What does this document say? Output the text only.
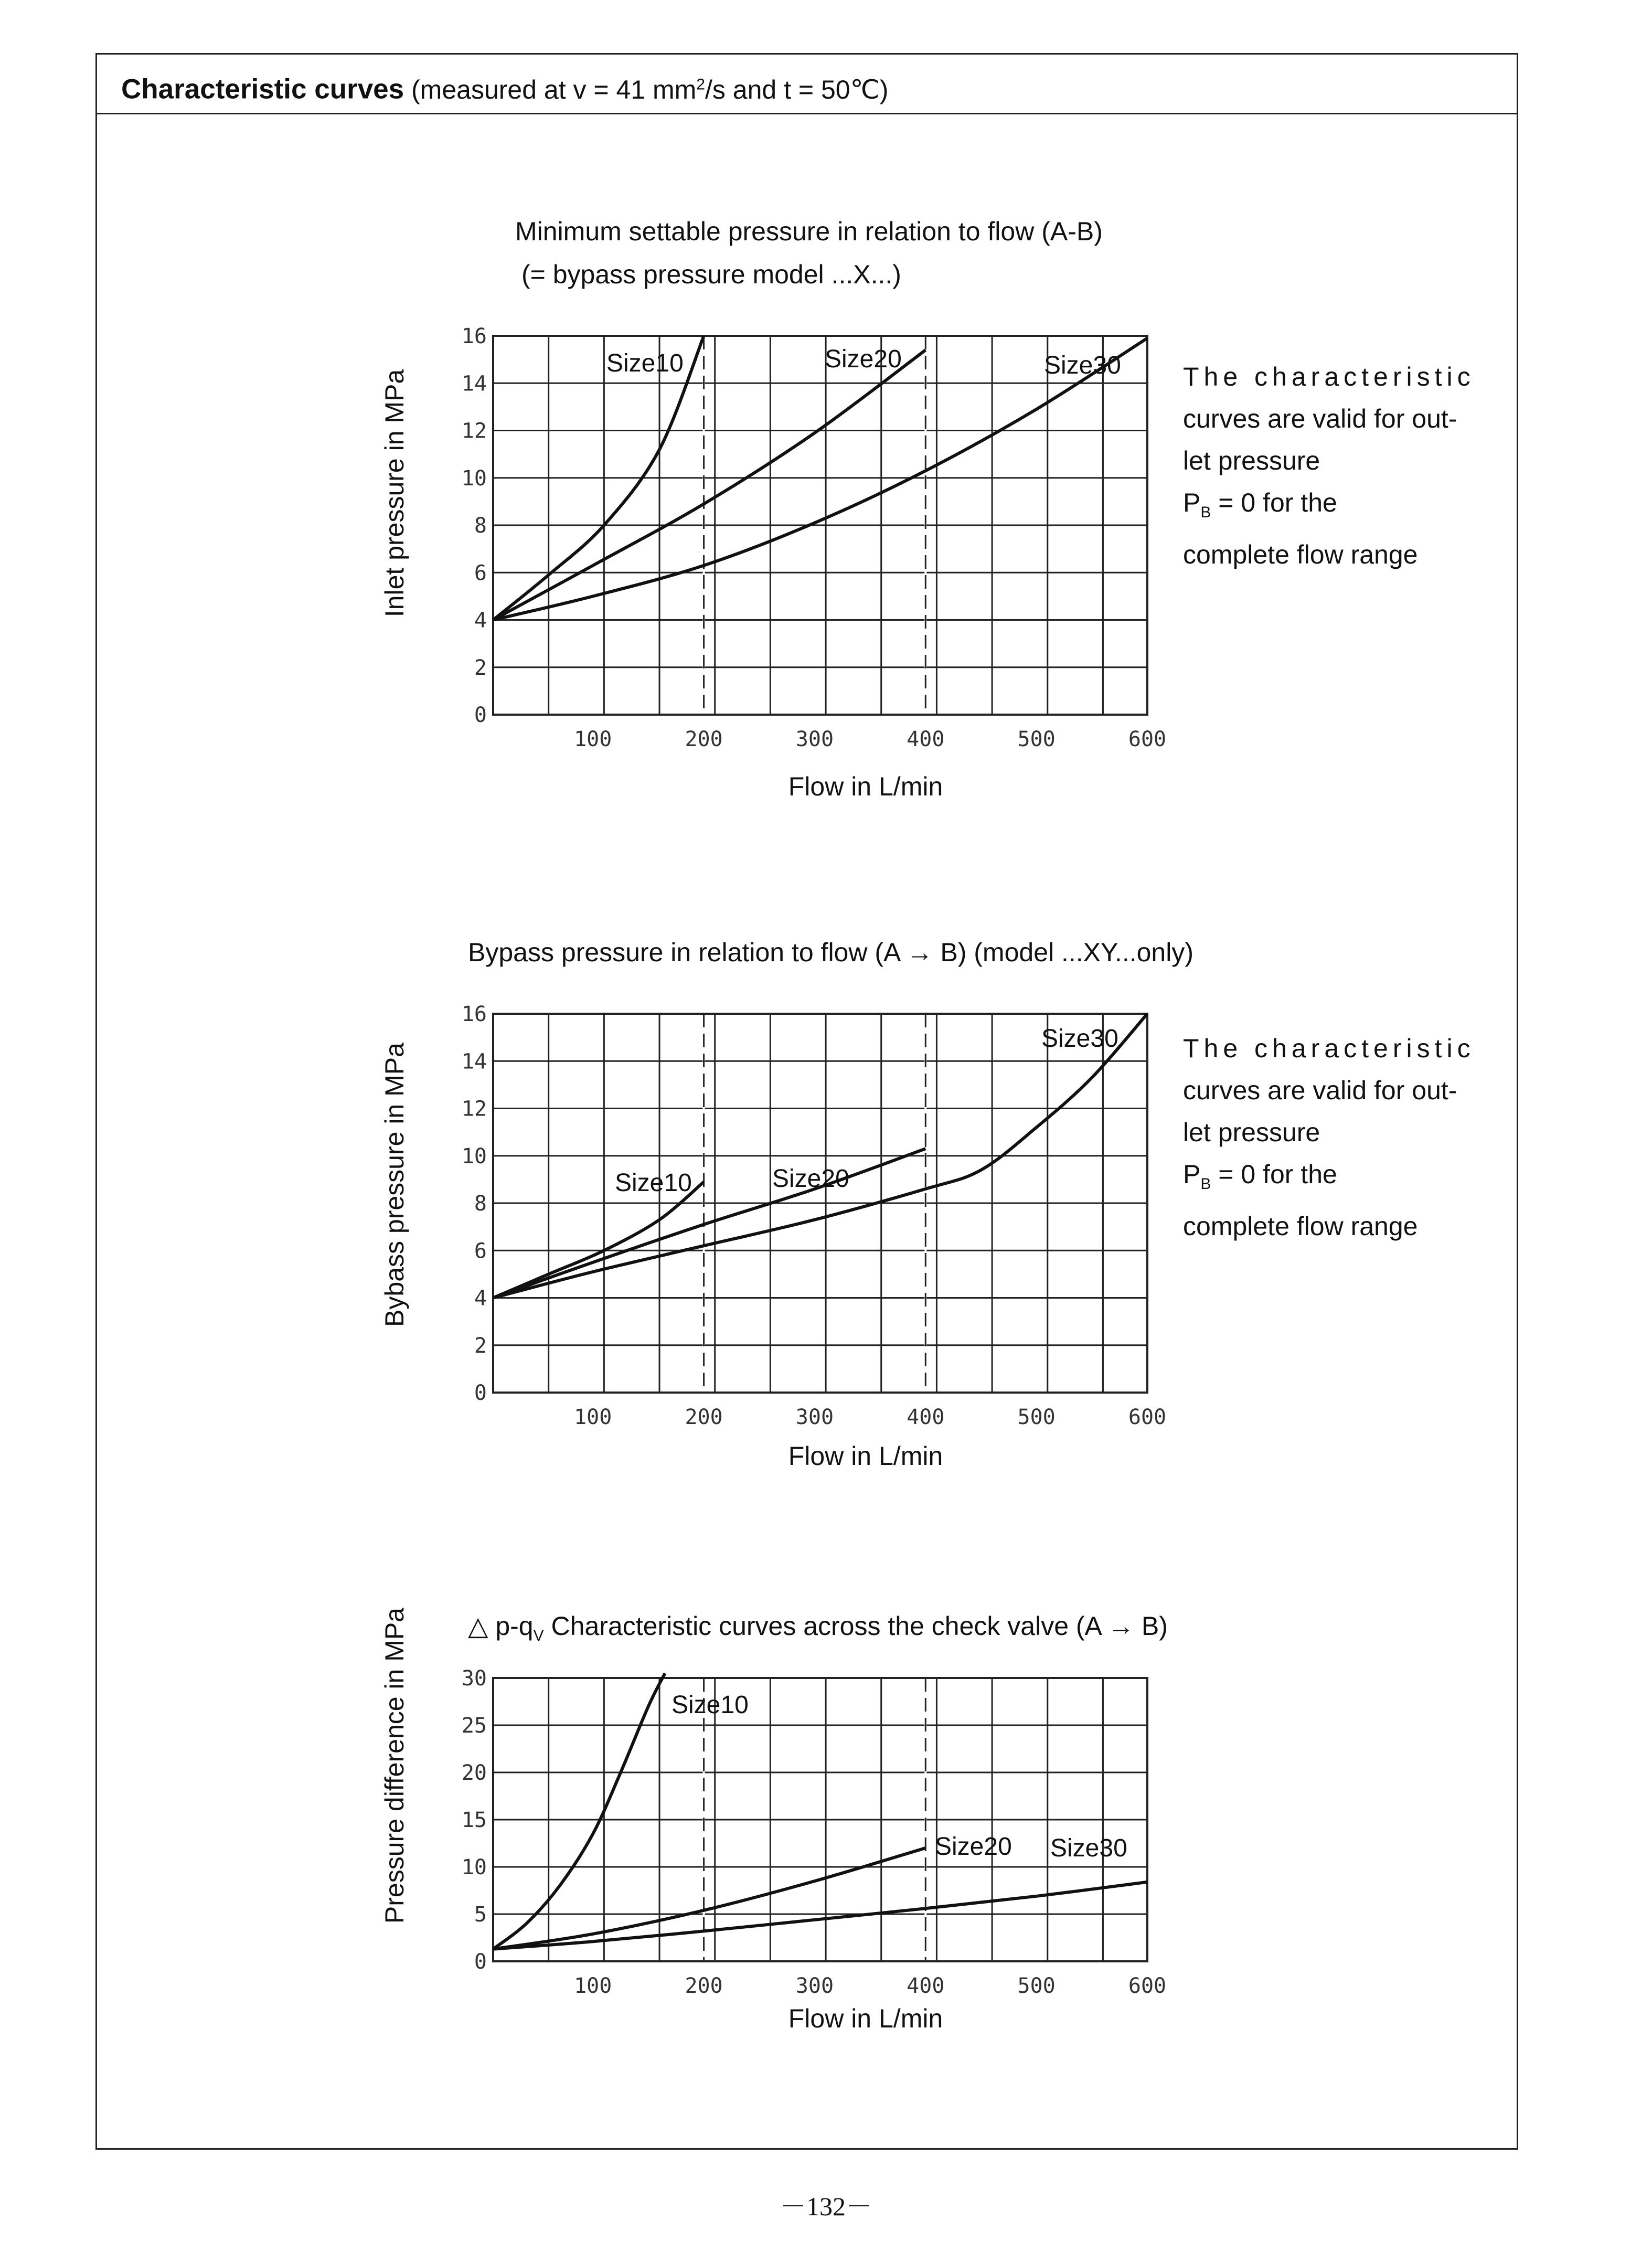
Characteristic curves (measured at v = 41 $mm^2/s$ and t = 50℃)
Minimum settable pressure in relation to flow (A-B)
(= bypass pressure model ...X...)
Inlet pressure in MPa
Flow in L/min
The characteristic
curves are valid for out-
let pressure
$P_B = 0$ for the
complete flow range
Bypass pressure in relation to flow (A → B) (model ...XY...only)
Bybass pressure in MPa
Flow in L/min
The characteristic
curves are valid for out-
let pressure
$P_B = 0$ for the
complete flow range
△ $p-q_V$ Characteristic curves across the check valve (A → B)
Pressure difference in MPa
Flow in L/min
0
2
4
6
8
10
12
14
16
100	200	300	400	500	600
Size10	Size20	Size30
0
2
4
6
8
10
12
14
16
100	200	300	400	500	600
Size10	Size20
Size30
0
5
10
15
20
25
30
100	200	300	400	500	600
Size10
Size20 Size30
－132－
